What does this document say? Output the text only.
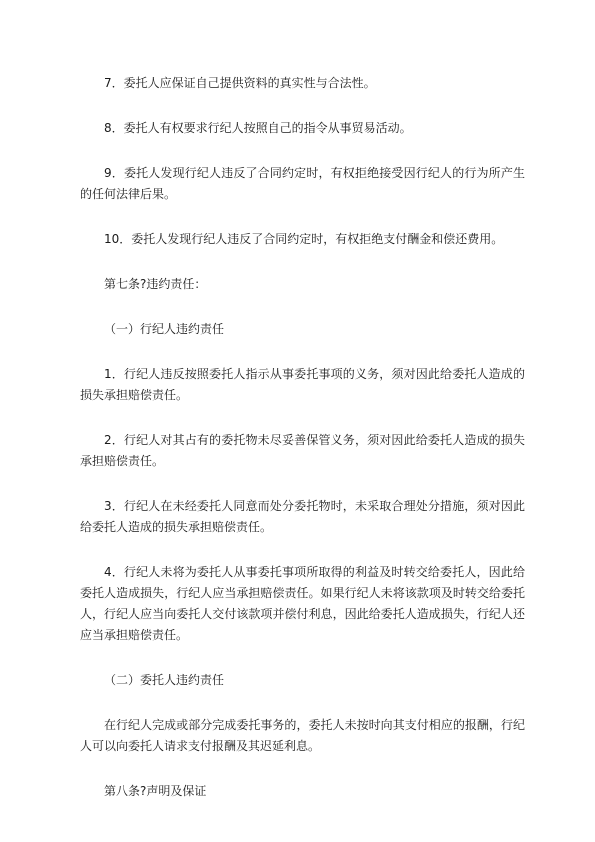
7．委托人应保证自己提供资料的真实性与合法性。

8．委托人有权要求行纪人按照自己的指令从事贸易活动。

9．委托人发现行纪人违反了合同约定时，有权拒绝接受因行纪人的行为所产生的任何法律后果。

10．委托人发现行纪人违反了合同约定时，有权拒绝支付酬金和偿还费用。

第七条?违约责任：

（一）行纪人违约责任

1．行纪人违反按照委托人指示从事委托事项的义务，须对因此给委托人造成的损失承担赔偿责任。

2．行纪人对其占有的委托物未尽妥善保管义务，须对因此给委托人造成的损失承担赔偿责任。

3．行纪人在未经委托人同意而处分委托物时，未采取合理处分措施，须对因此给委托人造成的损失承担赔偿责任。

4．行纪人未将为委托人从事委托事项所取得的利益及时转交给委托人，因此给委托人造成损失，行纪人应当承担赔偿责任。如果行纪人未将该款项及时转交给委托人，行纪人应当向委托人交付该款项并偿付利息，因此给委托人造成损失，行纪人还应当承担赔偿责任。

（二）委托人违约责任

在行纪人完成或部分完成委托事务的，委托人未按时向其支付相应的报酬，行纪人可以向委托人请求支付报酬及其迟延利息。

第八条?声明及保证
